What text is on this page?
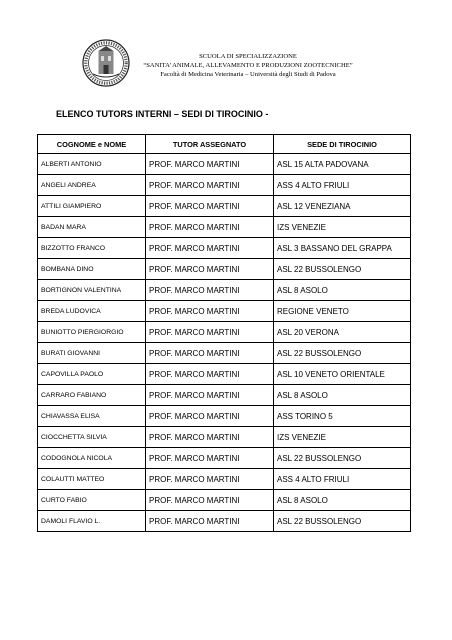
SCUOLA DI SPECIALIZZAZIONE
“SANITA’ ANIMALE, ALLEVAMENTO E PRODUZIONI ZOOTECNICHE”
Facoltà di Medicina Veterinaria – Università degli Studi di Padova
ELENCO TUTORS INTERNI – SEDI DI TIROCINIO -
COGNOME e NOME	TUTOR ASSEGNATO	SEDE DI TIROCINIO
ALBERTI ANTONIO	PROF. MARCO MARTINI	ASL 15 ALTA PADOVANA
ANGELI ANDREA	PROF. MARCO MARTINI	ASS 4 ALTO FRIULI
ATTILI GIAMPIERO	PROF. MARCO MARTINI	ASL 12 VENEZIANA
BADAN MARA	PROF. MARCO MARTINI	IZS VENEZIE
BIZZOTTO FRANCO	PROF. MARCO MARTINI	ASL 3 BASSANO DEL GRAPPA
BOMBANA DINO	PROF. MARCO MARTINI	ASL 22 BUSSOLENGO
BORTIGNON VALENTINA	PROF. MARCO MARTINI	ASL 8 ASOLO
BREDA LUDOVICA	PROF. MARCO MARTINI	REGIONE VENETO
BUNIOTTO PIERGIORGIO	PROF. MARCO MARTINI	ASL 20 VERONA
BURATI GIOVANNI	PROF. MARCO MARTINI	ASL 22 BUSSOLENGO
CAPOVILLA PAOLO	PROF. MARCO MARTINI	ASL 10 VENETO ORIENTALE
CARRARO FABIANO	PROF. MARCO MARTINI	ASL 8 ASOLO
CHIAVASSA ELISA	PROF. MARCO MARTINI	ASS TORINO 5
CIOCCHETTA SILVIA	PROF. MARCO MARTINI	IZS VENEZIE
CODOGNOLA NICOLA	PROF. MARCO MARTINI	ASL 22 BUSSOLENGO
COLAUTTI MATTEO	PROF. MARCO MARTINI	ASS 4 ALTO FRIULI
CURTO FABIO	PROF. MARCO MARTINI	ASL 8 ASOLO
DAMOLI FLAVIO L.	PROF. MARCO MARTINI	ASL 22 BUSSOLENGO
